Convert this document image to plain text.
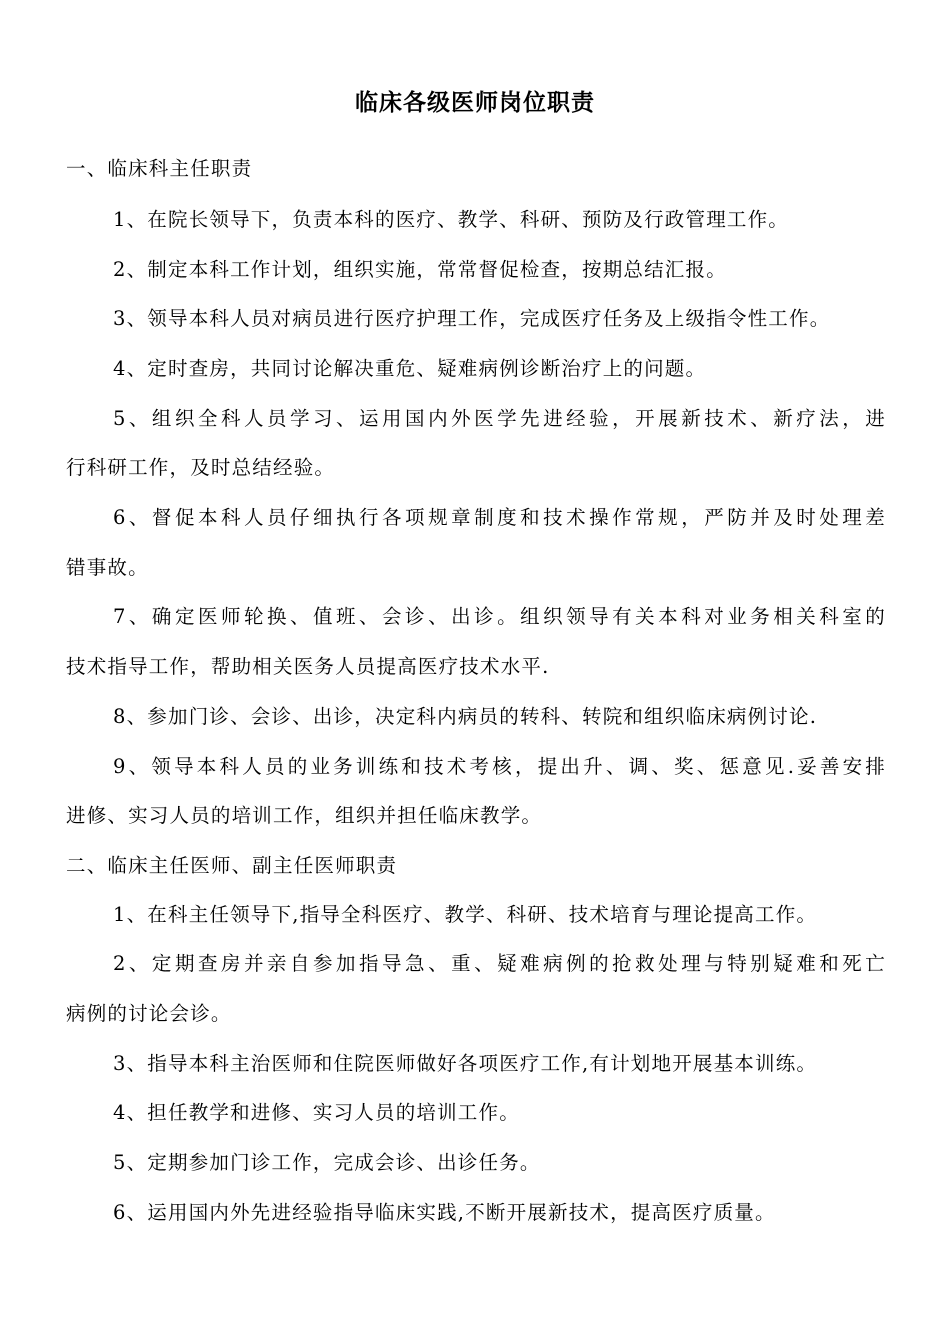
临床各级医师岗位职责
一、临床科主任职责
1、在院长领导下，负责本科的医疗、教学、科研、预防及行政管理工作。
2、制定本科工作计划，组织实施，常常督促检查，按期总结汇报。
3、领导本科人员对病员进行医疗护理工作，完成医疗任务及上级指令性工作。
4、定时查房，共同讨论解决重危、疑难病例诊断治疗上的问题。
5、组织全科人员学习、运用国内外医学先进经验，开展新技术、新疗法，进
行科研工作，及时总结经验。
6、督促本科人员仔细执行各项规章制度和技术操作常规，严防并及时处理差
错事故。
7、确定医师轮换、值班、会诊、出诊。组织领导有关本科对业务相关科室的
技术指导工作，帮助相关医务人员提高医疗技术水平.
8、参加门诊、会诊、出诊，决定科内病员的转科、转院和组织临床病例讨论.
9、领导本科人员的业务训练和技术考核，提出升、调、奖、惩意见.妥善安排
进修、实习人员的培训工作，组织并担任临床教学。
二、临床主任医师、副主任医师职责
1、在科主任领导下,指导全科医疗、教学、科研、技术培育与理论提高工作。
2、定期查房并亲自参加指导急、重、疑难病例的抢救处理与特别疑难和死亡
病例的讨论会诊。
3、指导本科主治医师和住院医师做好各项医疗工作,有计划地开展基本训练。
4、担任教学和进修、实习人员的培训工作。
5、定期参加门诊工作，完成会诊、出诊任务。
6、运用国内外先进经验指导临床实践,不断开展新技术，提高医疗质量。
